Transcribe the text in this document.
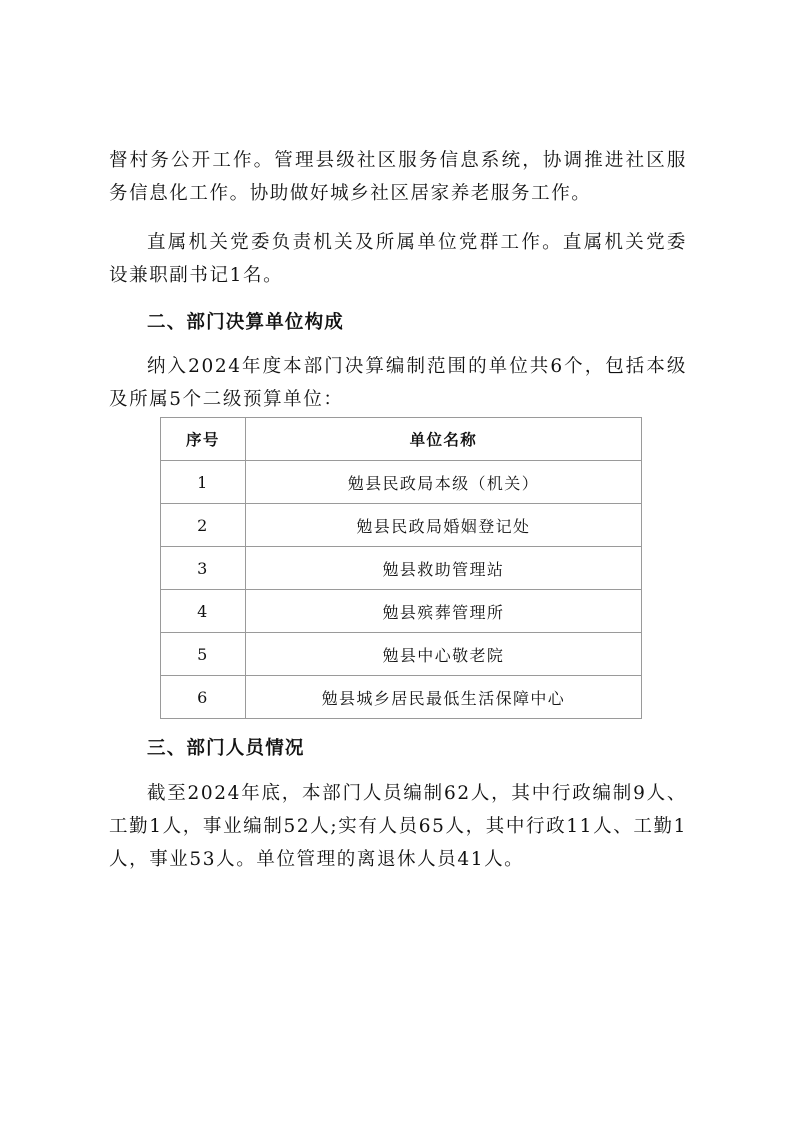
督村务公开工作。管理县级社区服务信息系统，协调推进社区服务信息化工作。协助做好城乡社区居家养老服务工作。

直属机关党委负责机关及所属单位党群工作。直属机关党委设兼职副书记1名。

二、部门决算单位构成

纳入2024年度本部门决算编制范围的单位共6个，包括本级及所属5个二级预算单位：

序号	单位名称
1	勉县民政局本级（机关）
2	勉县民政局婚姻登记处
3	勉县救助管理站
4	勉县殡葬管理所
5	勉县中心敬老院
6	勉县城乡居民最低生活保障中心
三、部门人员情况

截至2024年底，本部门人员编制62人，其中行政编制9人、工勤1人，事业编制52人;实有人员65人，其中行政11人、工勤1人，事业53人。单位管理的离退休人员41人。
